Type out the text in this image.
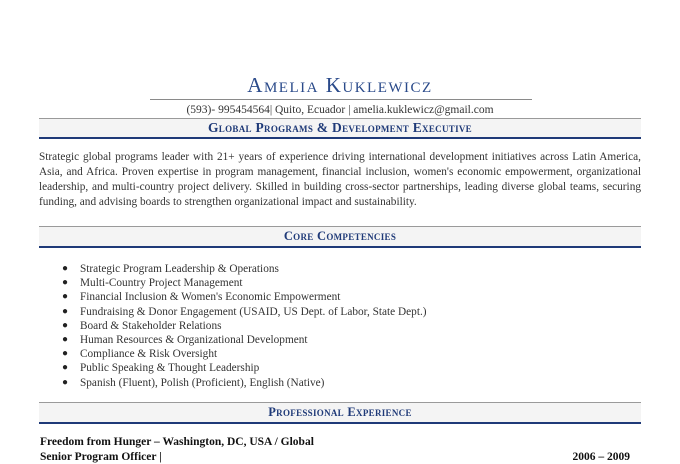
Amelia Kuklewicz
(593)- 995454564| Quito, Ecuador | amelia.kuklewicz@gmail.com
Global Programs & Development Executive
Strategic global programs leader with 21+ years of experience driving international development initiatives across Latin America, Asia, and Africa. Proven expertise in program management, financial inclusion, women's economic empowerment, organizational leadership, and multi-country project delivery. Skilled in building cross-sector partnerships, leading diverse global teams, securing funding, and advising boards to strengthen organizational impact and sustainability.
Core Competencies
● Strategic Program Leadership & Operations
● Multi-Country Project Management
● Financial Inclusion & Women's Economic Empowerment
● Fundraising & Donor Engagement (USAID, US Dept. of Labor, State Dept.)
● Board & Stakeholder Relations
● Human Resources & Organizational Development
● Compliance & Risk Oversight
● Public Speaking & Thought Leadership
● Spanish (Fluent), Polish (Proficient), English (Native)
Professional Experience
Freedom from Hunger – Washington, DC, USA / Global
Senior Program Officer |	2006 – 2009
